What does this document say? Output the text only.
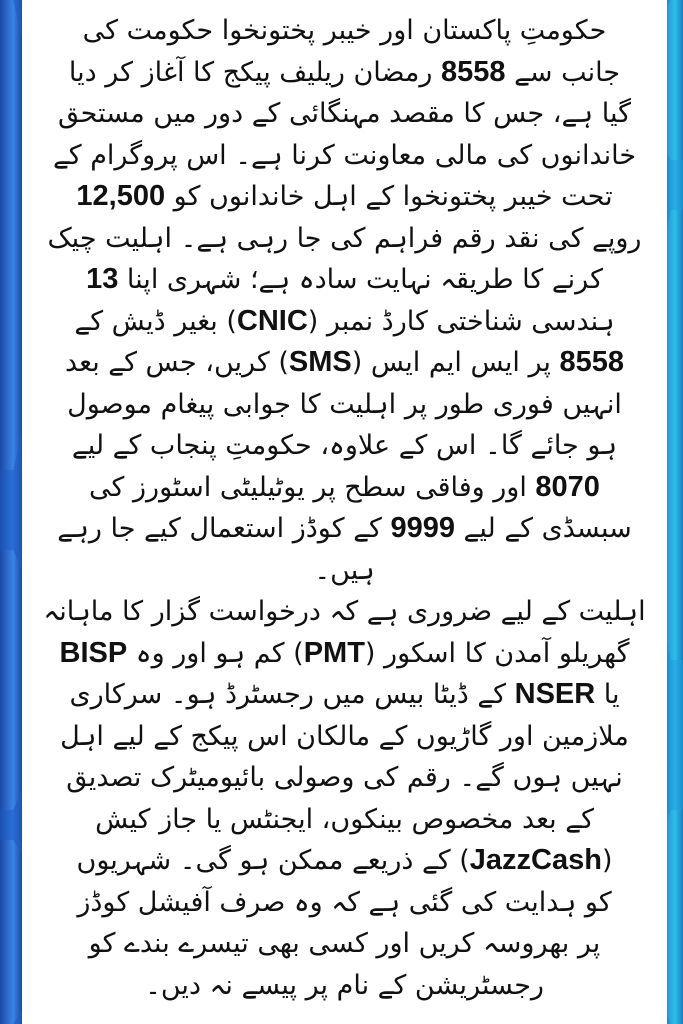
حکومتِ پاکستان اور خیبر پختونخوا حکومت کی
جانب سے 8558 رمضان ریلیف پیکج کا آغاز کر دیا
گیا ہے، جس کا مقصد مہنگائی کے دور میں مستحق
خاندانوں کی مالی معاونت کرنا ہے۔ اس پروگرام کے
تحت خیبر پختونخوا کے اہل خاندانوں کو 12,500
روپے کی نقد رقم فراہم کی جا رہی ہے۔ اہلیت چیک
کرنے کا طریقہ نہایت سادہ ہے؛ شہری اپنا 13
ہندسی شناختی کارڈ نمبر (CNIC) بغیر ڈیش کے
8558 پر ایس ایم ایس (SMS) کریں، جس کے بعد
انہیں فوری طور پر اہلیت کا جوابی پیغام موصول
ہو جائے گا۔ اس کے علاوہ، حکومتِ پنجاب کے لیے
8070 اور وفاقی سطح پر یوٹیلیٹی اسٹورز کی
سبسڈی کے لیے 9999 کے کوڈز استعمال کیے جا رہے
ہیں۔
اہلیت کے لیے ضروری ہے کہ درخواست گزار کا ماہانہ
گھریلو آمدن کا اسکور (PMT) کم ہو اور وہ BISP
یا NSER کے ڈیٹا بیس میں رجسٹرڈ ہو۔ سرکاری
ملازمین اور گاڑیوں کے مالکان اس پیکج کے لیے اہل
نہیں ہوں گے۔ رقم کی وصولی بائیومیٹرک تصدیق
کے بعد مخصوص بینکوں، ایجنٹس یا جاز کیش
(JazzCash) کے ذریعے ممکن ہو گی۔ شہریوں
کو ہدایت کی گئی ہے کہ وہ صرف آفیشل کوڈز
پر بھروسہ کریں اور کسی بھی تیسرے بندے کو
رجسٹریشن کے نام پر پیسے نہ دیں۔
